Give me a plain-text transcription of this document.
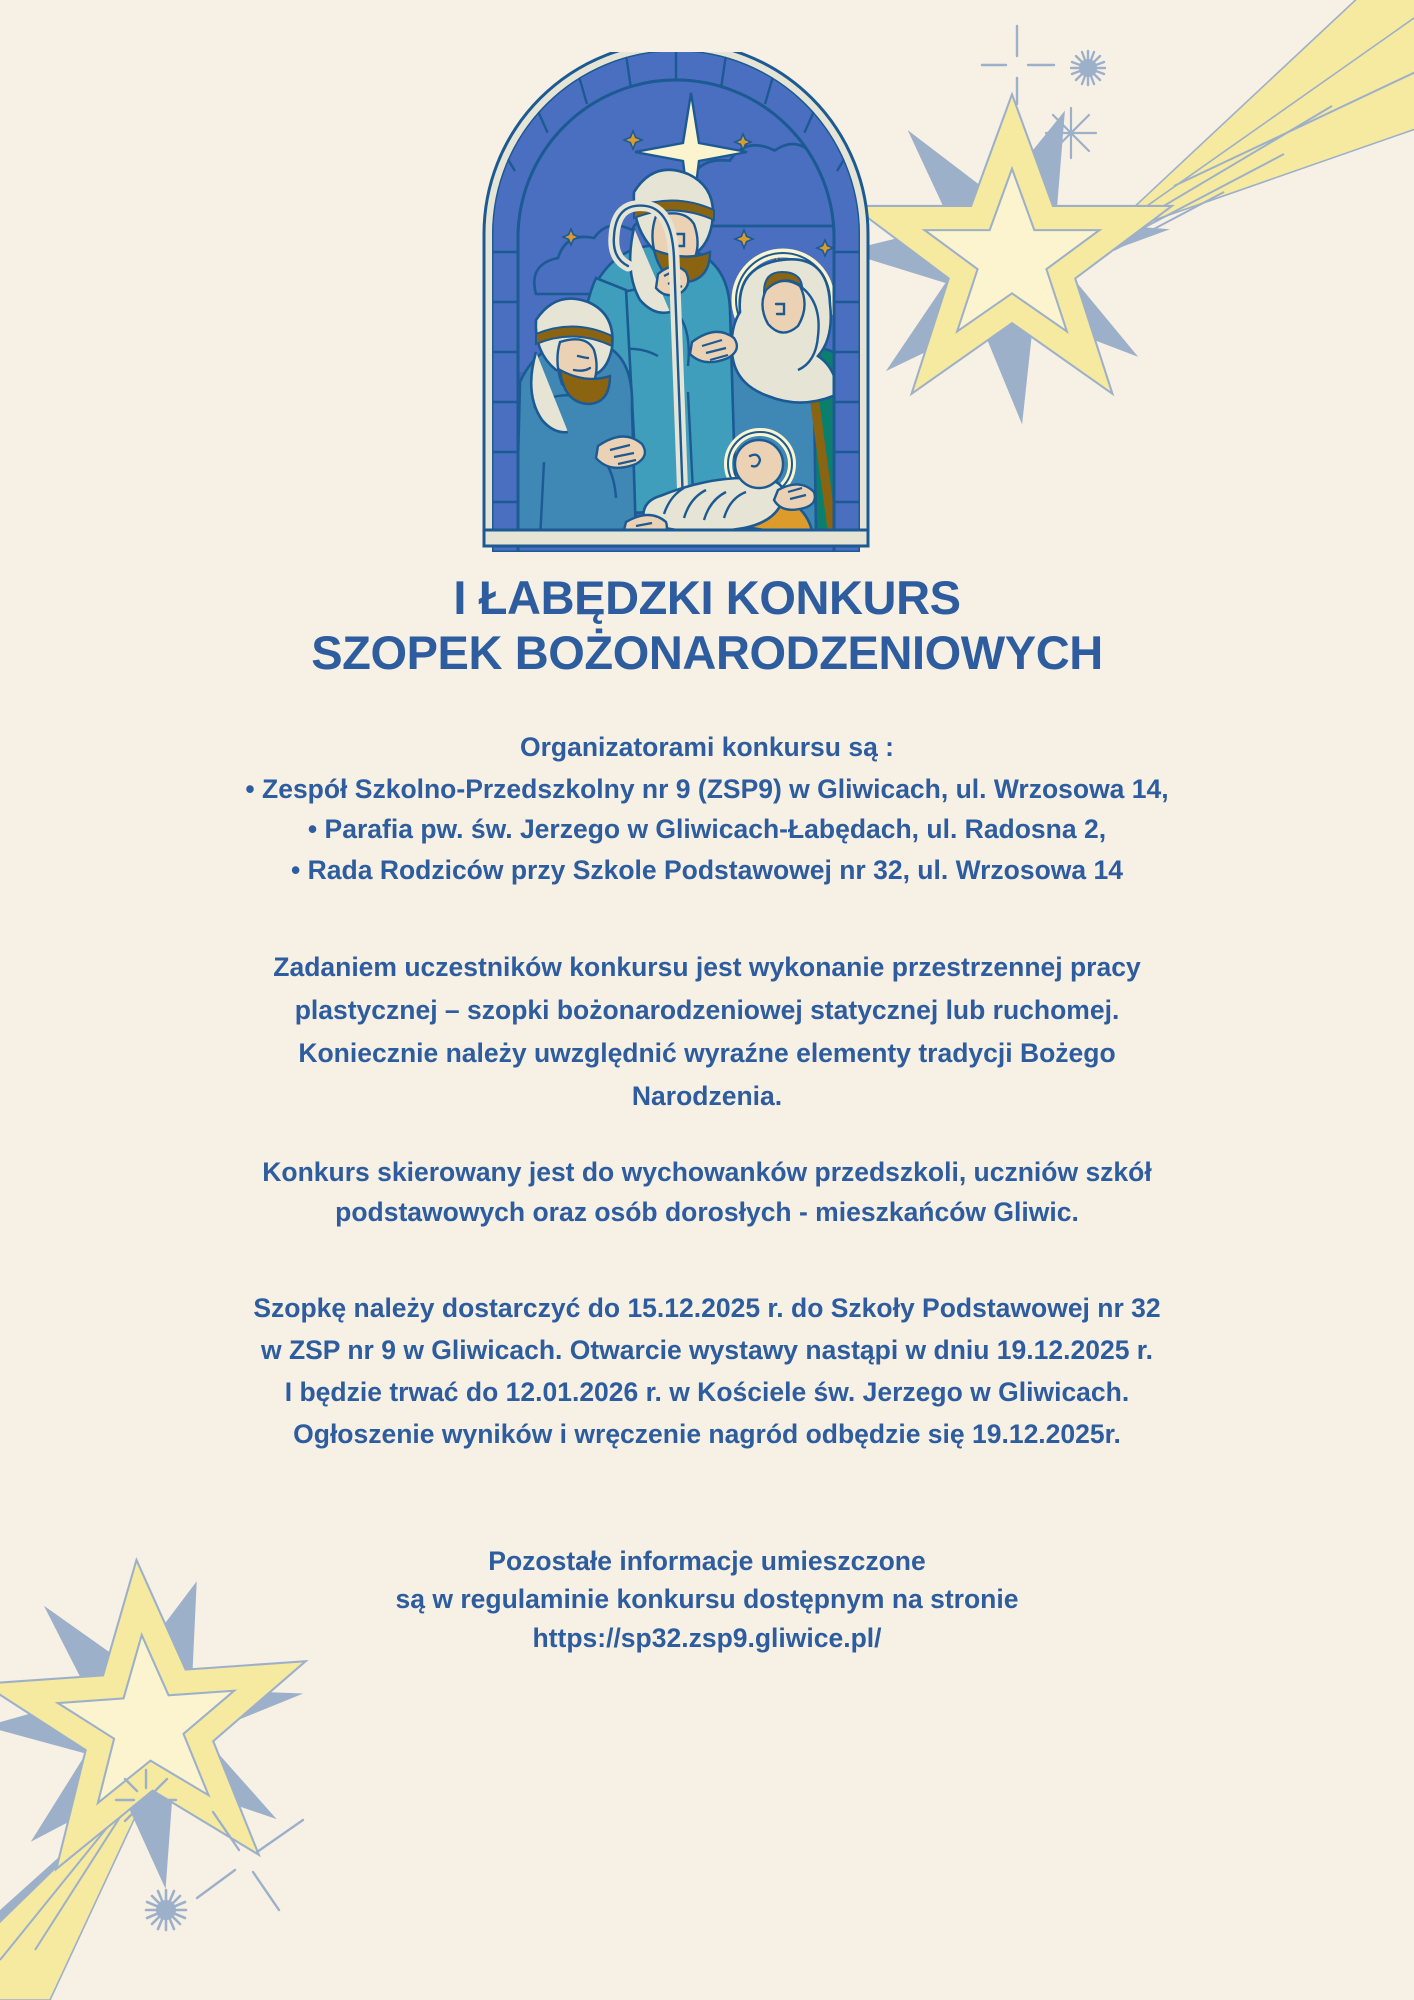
I ŁABĘDZKI KONKURS
SZOPEK BOŻONARODZENIOWYCH
Organizatorami konkursu są :
• Zespół Szkolno-Przedszkolny nr 9 (ZSP9) w Gliwicach, ul. Wrzosowa 14,
• Parafia pw. św. Jerzego w Gliwicach-Łabędach, ul. Radosna 2,
• Rada Rodziców przy Szkole Podstawowej nr 32, ul. Wrzosowa 14
Zadaniem uczestników konkursu jest wykonanie przestrzennej pracy
plastycznej – szopki bożonarodzeniowej statycznej lub ruchomej.
Koniecznie należy uwzględnić wyraźne elementy tradycji Bożego
Narodzenia.
Konkurs skierowany jest do wychowanków przedszkoli, uczniów szkół
podstawowych oraz osób dorosłych - mieszkańców Gliwic.
Szopkę należy dostarczyć do 15.12.2025 r. do Szkoły Podstawowej nr 32
w ZSP nr 9 w Gliwicach. Otwarcie wystawy nastąpi w dniu 19.12.2025 r.
I będzie trwać do 12.01.2026 r. w Kościele św. Jerzego w Gliwicach.
Ogłoszenie wyników i wręczenie nagród odbędzie się 19.12.2025r.
Pozostałe informacje umieszczone
są w regulaminie konkursu dostępnym na stronie
https://sp32.zsp9.gliwice.pl/
